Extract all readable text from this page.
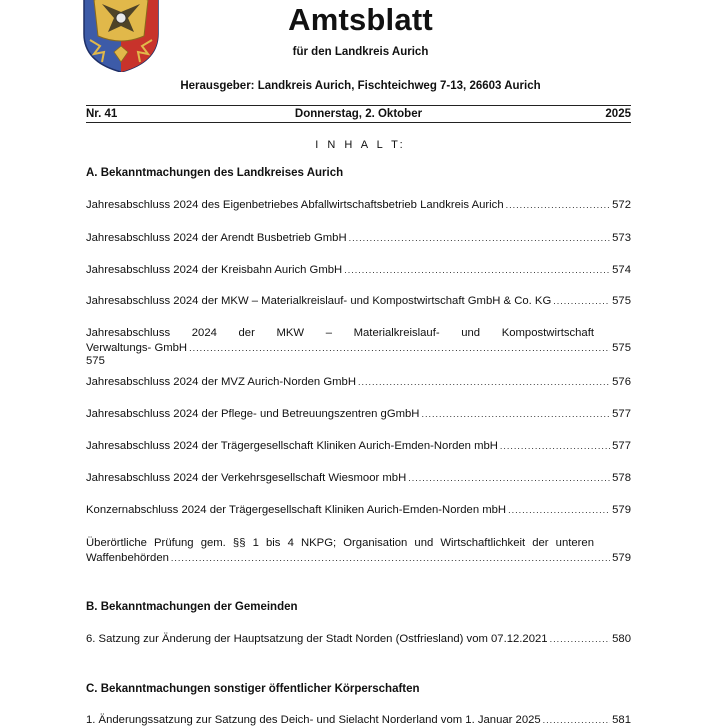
Amtsblatt
für den Landkreis Aurich
Herausgeber: Landkreis Aurich, Fischteichweg 7-13, 26603 Aurich
Donnerstag, 2. Oktober
Nr. 41	2025
I N H A L T:
A. Bekanntmachungen des Landkreises Aurich
Jahresabschluss 2024 des Eigenbetriebes Abfallwirtschaftsbetrieb Landkreis Aurich .....	572
Jahresabschluss 2024 der Arendt Busbetrieb GmbH .....	573
Jahresabschluss 2024 der Kreisbahn Aurich GmbH .....	574
Jahresabschluss 2024 der MKW – Materialkreislauf- und Kompostwirtschaft GmbH & Co. KG .....	575
Jahresabschluss 2024 der MKW – Materialkreislauf- und Kompostwirtschaft
Verwaltungs- GmbH .....	575
575
Jahresabschluss 2024 der MVZ Aurich-Norden GmbH .....	576
Jahresabschluss 2024 der Pflege- und Betreuungszentren gGmbH .....	577
Jahresabschluss 2024 der Trägergesellschaft Kliniken Aurich-Emden-Norden mbH .....	577
Jahresabschluss 2024 der Verkehrsgesellschaft Wiesmoor mbH .....	578
Konzernabschluss 2024 der Trägergesellschaft Kliniken Aurich-Emden-Norden mbH .....	579
Überörtliche Prüfung gem. §§ 1 bis 4 NKPG; Organisation und Wirtschaftlichkeit der unteren
Waffenbehörden .....	579
B. Bekanntmachungen der Gemeinden
6. Satzung zur Änderung der Hauptsatzung der Stadt Norden (Ostfriesland) vom 07.12.2021 .....	580
C. Bekanntmachungen sonstiger öffentlicher Körperschaften
1. Änderungssatzung zur Satzung des Deich- und Sielacht Norderland vom 1. Januar 2025 .....	581
